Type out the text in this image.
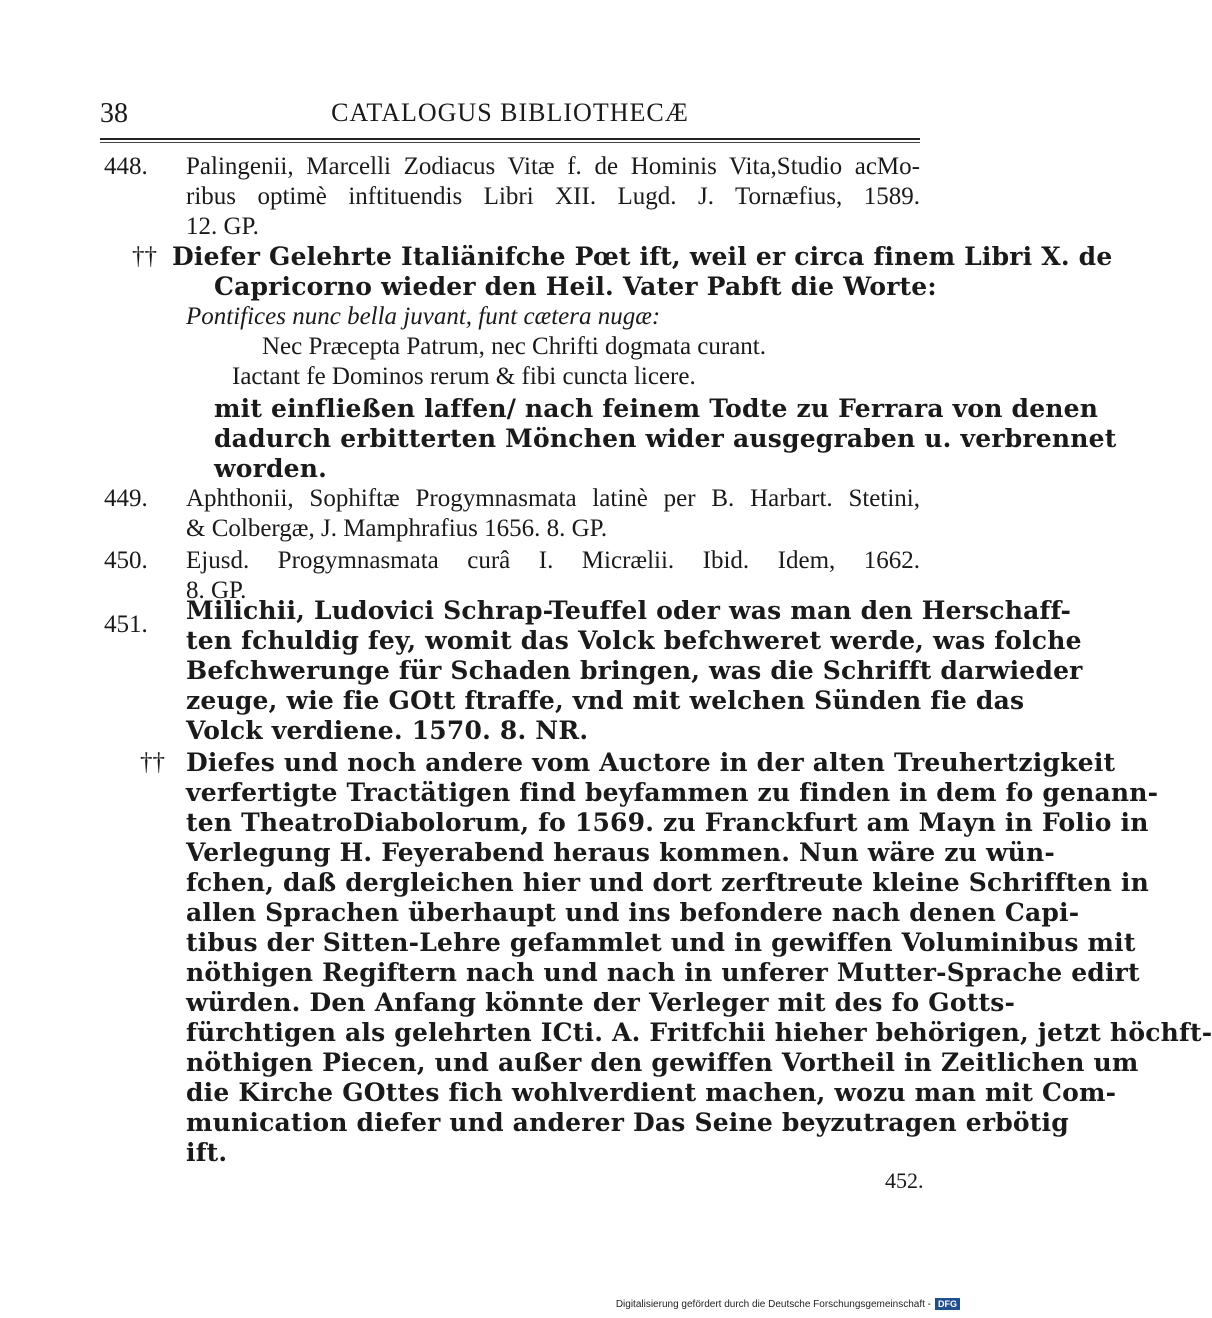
38	CATALOGUS BIBLIOTHECÆ
448. Palingenii, Marcelli Zodiacus Vitæ f. de Hominis Vita,Studio acMo-
ribus optimè inftituendis Libri XII. Lugd. J. Tornæfius, 1589.
12. GP.
†† Diefer Gelehrte Italiänifche Pœt ift, weil er circa finem Libri X. de
Capricorno wieder den Heil. Vater Pabft die Worte:
Pontifices nunc bella juvant, funt cætera nugæ:
Nec Præcepta Patrum, nec Chrifti dogmata curant.
Iactant fe Dominos rerum & fibi cuncta licere.
mit einfließen laffen/ nach feinem Todte zu Ferrara von denen
dadurch erbitterten Mönchen wider ausgegraben u. verbrennet
worden.
449. Aphthonii, Sophiftæ Progymnasmata latinè per B. Harbart. Stetini,
& Colbergæ, J. Mamphrafius 1656. 8. GP.
450. Ejusd. Progymnasmata curâ I. Micrælii. Ibid. Idem, 1662.
8. GP.
451. Milichii, Ludovici Schrap-Teuffel oder was man den Herschaff-
ten fchuldig fey, womit das Volck befchweret werde, was folche
Befchwerunge für Schaden bringen, was die Schrifft darwieder
zeuge, wie fie GOtt ftraffe, vnd mit welchen Sünden fie das
Volck verdiene. 1570. 8. NR.
†† Diefes und noch andere vom Auctore in der alten Treuhertzigkeit
verfertigte Tractätigen find beyfammen zu finden in dem fo genann-
ten TheatroDiabolorum, fo 1569. zu Franckfurt am Mayn in Folio in
Verlegung H. Feyerabend heraus kommen. Nun wäre zu wün-
fchen, daß dergleichen hier und dort zerftreute kleine Schrifften in
allen Sprachen überhaupt und ins befondere nach denen Capi-
tibus der Sitten-Lehre gefammlet und in gewiffen Voluminibus mit
nöthigen Regiftern nach und nach in unferer Mutter-Sprache edirt
würden. Den Anfang könnte der Verleger mit des fo Gotts-
fürchtigen als gelehrten ICti. A. Fritfchii hieher behörigen, jetzt höchft-
nöthigen Piecen, und außer den gewiffen Vortheil in Zeitlichen um
die Kirche GOttes fich wohlverdient machen, wozu man mit Com-
munication diefer und anderer Das Seine beyzutragen erbötig
ift.
452.
Digitalisierung gefördert durch die Deutsche Forschungsgemeinschaft - DFG
